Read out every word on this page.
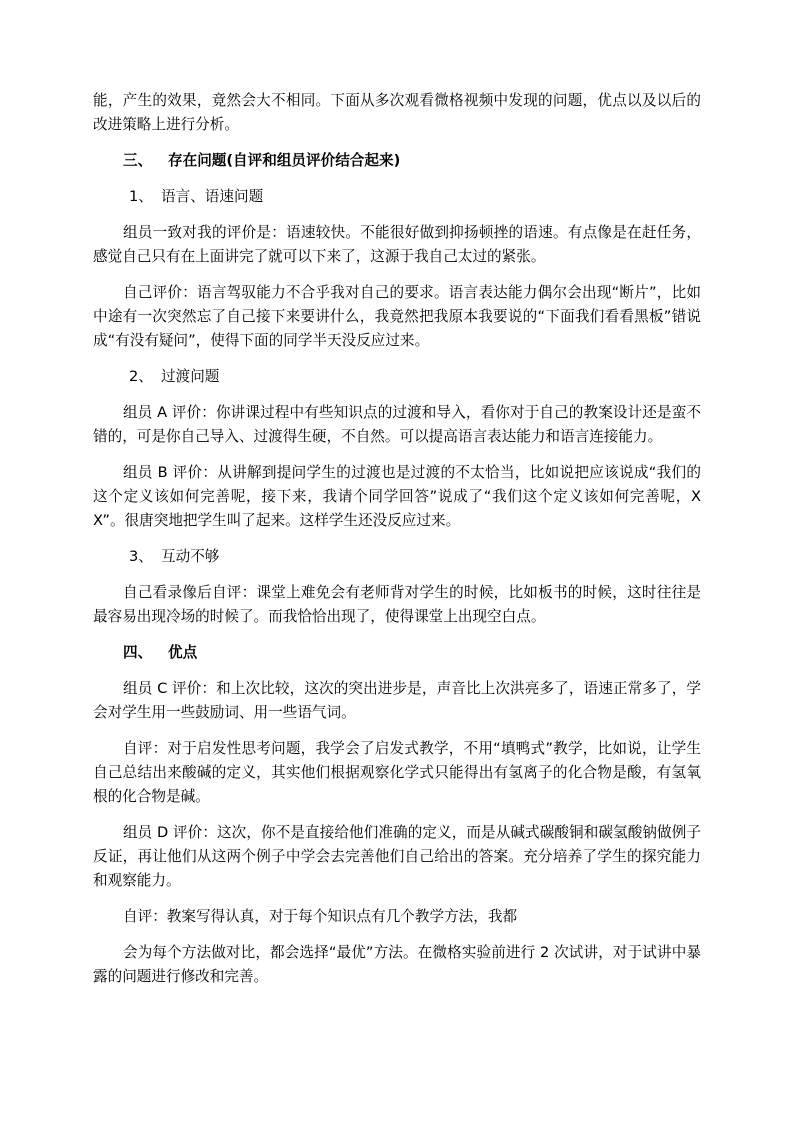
能，产生的效果，竟然会大不相同。下面从多次观看微格视频中发现的问题，优点以及以后的改进策略上进行分析。

三、 存在问题(自评和组员评价结合起来)
1、 语言、语速问题

组员一致对我的评价是：语速较快。不能很好做到抑扬顿挫的语速。有点像是在赶任务，感觉自己只有在上面讲完了就可以下来了，这源于我自己太过的紧张。

自己评价：语言驾驭能力不合乎我对自己的要求。语言表达能力偶尔会出现“断片”，比如中途有一次突然忘了自己接下来要讲什么，我竟然把我原本我要说的“下面我们看看黑板”错说成“有没有疑问”，使得下面的同学半天没反应过来。

2、 过渡问题

组员 A 评价：你讲课过程中有些知识点的过渡和导入，看你对于自己的教案设计还是蛮不错的，可是你自己导入、过渡得生硬，不自然。可以提高语言表达能力和语言连接能力。

组员 B 评价：从讲解到提问学生的过渡也是过渡的不太恰当，比如说把应该说成“我们的这个定义该如何完善呢，接下来，我请个同学回答”说成了“我们这个定义该如何完善呢，XX”。很唐突地把学生叫了起来。这样学生还没反应过来。

3、 互动不够

自己看录像后自评：课堂上难免会有老师背对学生的时候，比如板书的时候，这时往往是最容易出现冷场的时候了。而我恰恰出现了，使得课堂上出现空白点。

四、 优点

组员 C 评价：和上次比较，这次的突出进步是，声音比上次洪亮多了，语速正常多了，学会对学生用一些鼓励词、用一些语气词。

自评：对于启发性思考问题，我学会了启发式教学，不用“填鸭式”教学，比如说，让学生自己总结出来酸碱的定义，其实他们根据观察化学式只能得出有氢离子的化合物是酸，有氢氧根的化合物是碱。

组员 D 评价：这次，你不是直接给他们准确的定义，而是从碱式碳酸铜和碳氢酸钠做例子反证，再让他们从这两个例子中学会去完善他们自己给出的答案。充分培养了学生的探究能力和观察能力。

自评：教案写得认真，对于每个知识点有几个教学方法，我都

会为每个方法做对比，都会选择“最优”方法。在微格实验前进行 2 次试讲，对于试讲中暴露的问题进行修改和完善。
